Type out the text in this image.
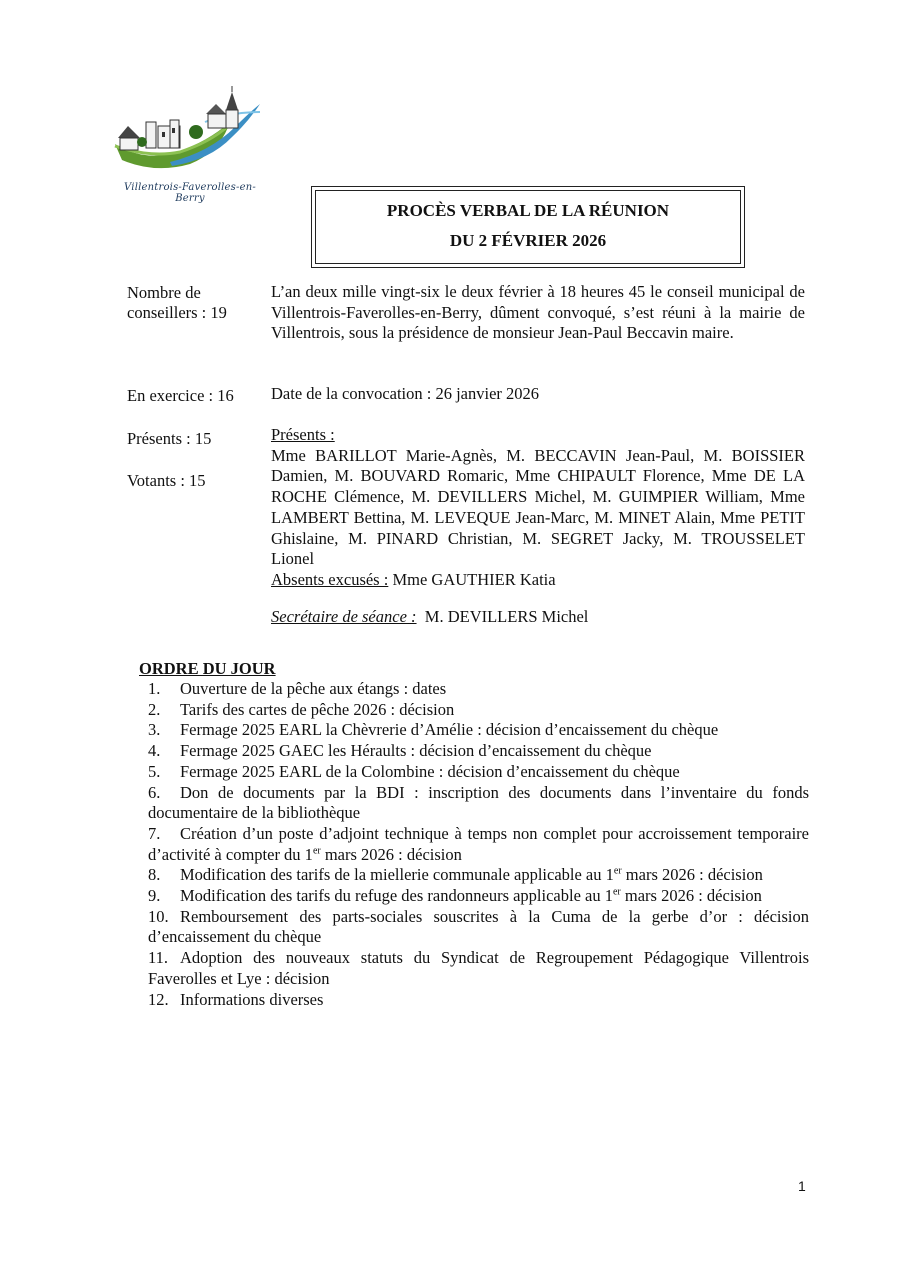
Villentrois-Faverolles-en-Berry
PROCÈS VERBAL DE LA RÉUNION
DU 2 FÉVRIER 2026
Nombre de
conseillers : 19
En exercice : 16
Présents : 15
Votants : 15
L’an deux mille vingt-six le deux février à 18 heures 45 le conseil municipal de Villentrois-Faverolles-en-Berry, dûment convoqué, s’est réuni à la mairie de Villentrois, sous la présidence de monsieur Jean-Paul Beccavin maire.
Date de la convocation : 26 janvier 2026
Présents :
Mme BARILLOT Marie-Agnès, M. BECCAVIN Jean-Paul, M. BOISSIER Damien, M. BOUVARD Romaric, Mme CHIPAULT Florence, Mme DE LA ROCHE Clémence, M. DEVILLERS Michel, M. GUIMPIER William, Mme LAMBERT Bettina, M. LEVEQUE Jean-Marc, M. MINET Alain, Mme PETIT Ghislaine, M. PINARD Christian, M. SEGRET Jacky, M. TROUSSELET Lionel
Absents excusés : Mme GAUTHIER Katia
Secrétaire de séance : M. DEVILLERS Michel
ORDRE DU JOUR
1. Ouverture de la pêche aux étangs : dates
2. Tarifs des cartes de pêche 2026 : décision
3. Fermage 2025 EARL la Chèvrerie d’Amélie : décision d’encaissement du chèque
4. Fermage 2025 GAEC les Héraults : décision d’encaissement du chèque
5. Fermage 2025 EARL de la Colombine : décision d’encaissement du chèque
6. Don de documents par la BDI : inscription des documents dans l’inventaire du fonds documentaire de la bibliothèque
7. Création d’un poste d’adjoint technique à temps non complet pour accroissement temporaire d’activité à compter du 1er mars 2026 : décision
8. Modification des tarifs de la miellerie communale applicable au 1er mars 2026 : décision
9. Modification des tarifs du refuge des randonneurs applicable au 1er mars 2026 : décision
10. Remboursement des parts-sociales souscrites à la Cuma de la gerbe d’or : décision d’encaissement du chèque
11. Adoption des nouveaux statuts du Syndicat de Regroupement Pédagogique Villentrois Faverolles et Lye : décision
12. Informations diverses
1
